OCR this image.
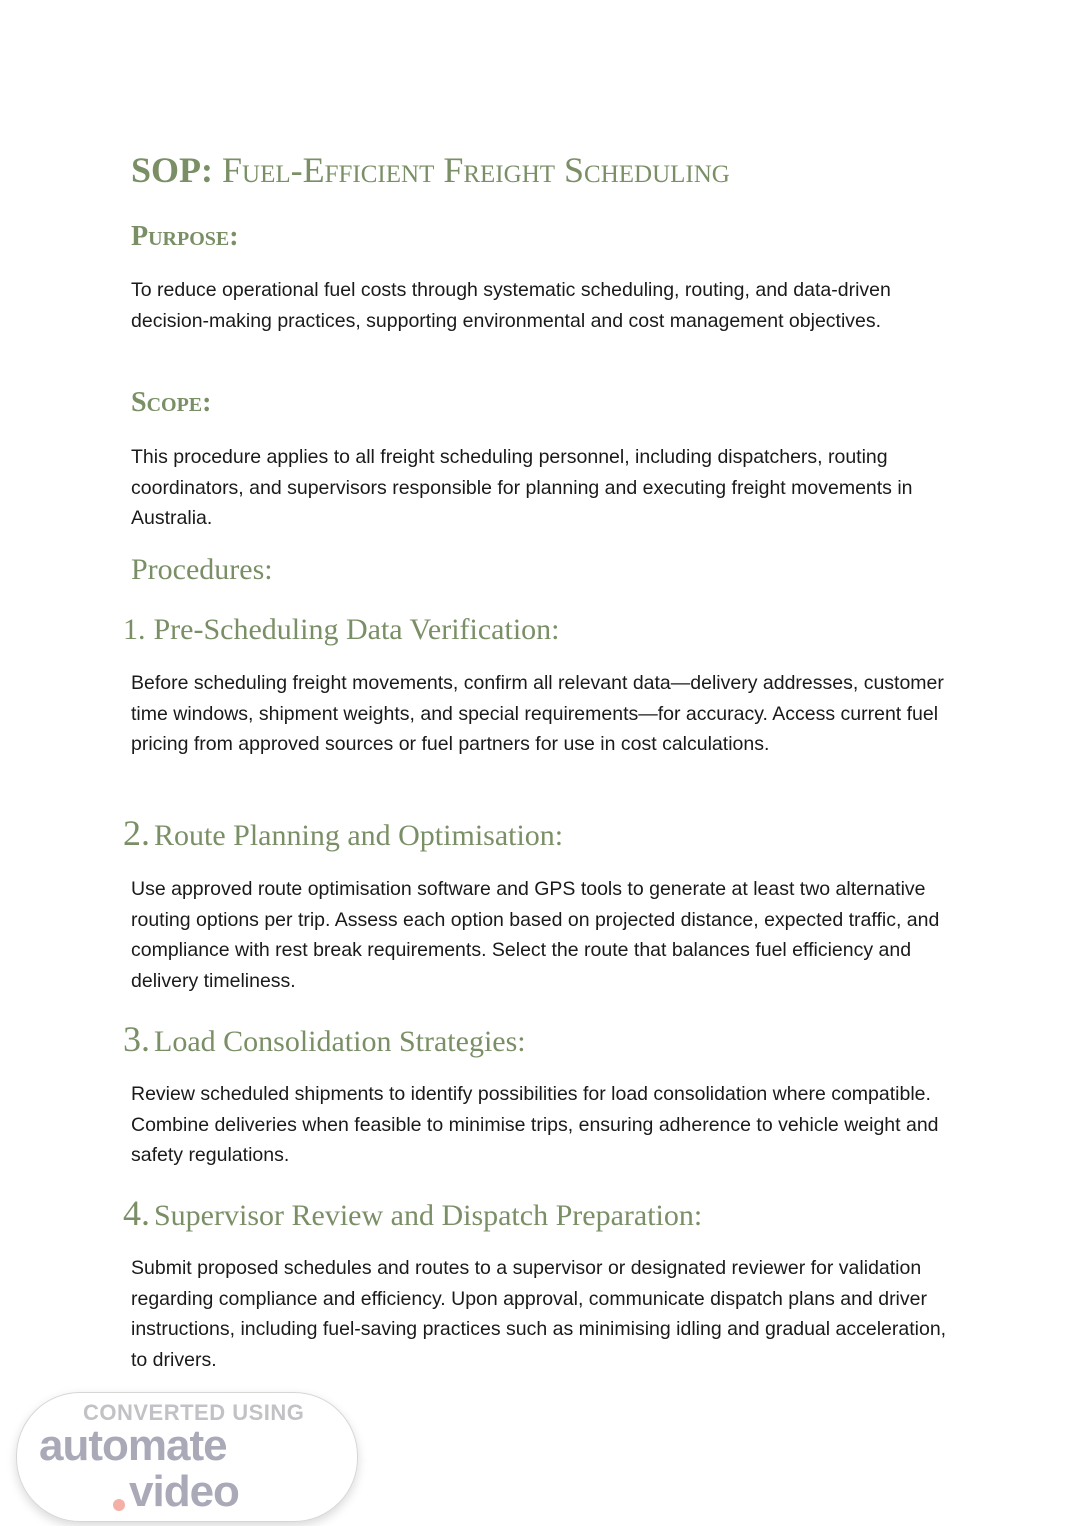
SOP: Fuel-Efficient Freight Scheduling
Purpose:

To reduce operational fuel costs through systematic scheduling, routing, and data-driven decision-making practices, supporting environmental and cost management objectives.

Scope:

This procedure applies to all freight scheduling personnel, including dispatchers, routing coordinators, and supervisors responsible for planning and executing freight movements in Australia.

Procedures:
1. Pre-Scheduling Data Verification:

Before scheduling freight movements, confirm all relevant data—delivery addresses, customer time windows, shipment weights, and special requirements—for accuracy. Access current fuel pricing from approved sources or fuel partners for use in cost calculations.

2. Route Planning and Optimisation:

Use approved route optimisation software and GPS tools to generate at least two alternative routing options per trip. Assess each option based on projected distance, expected traffic, and compliance with rest break requirements. Select the route that balances fuel efficiency and delivery timeliness.

3. Load Consolidation Strategies:

Review scheduled shipments to identify possibilities for load consolidation where compatible. Combine deliveries when feasible to minimise trips, ensuring adherence to vehicle weight and safety regulations.

4. Supervisor Review and Dispatch Preparation:

Submit proposed schedules and routes to a supervisor or designated reviewer for validation regarding compliance and efficiency. Upon approval, communicate dispatch plans and driver instructions, including fuel-saving practices such as minimising idling and gradual acceleration, to drivers.

CONVERTED USING
automate
video
